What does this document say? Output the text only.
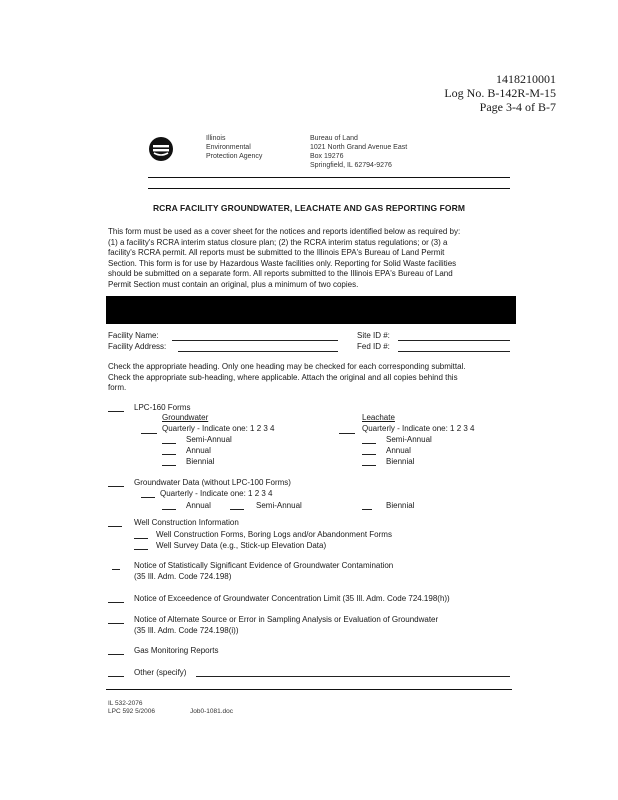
1418210001
Log No. B-142R-M-15
Page 3-4 of B-7
Illinois
Environmental
Protection Agency
Bureau of Land
1021 North Grand Avenue East
Box 19276
Springfield, IL 62794-9276
RCRA FACILITY GROUNDWATER, LEACHATE AND GAS REPORTING FORM
This form must be used as a cover sheet for the notices and reports identified below as required by:
(1) a facility's RCRA interim status closure plan; (2) the RCRA interim status regulations; or (3) a
facility's RCRA permit. All reports must be submitted to the Illinois EPA's Bureau of Land Permit
Section. This form is for use by Hazardous Waste facilities only. Reporting for Solid Waste facilities
should be submitted on a separate form. All reports submitted to the Illinois EPA's Bureau of Land
Permit Section must contain an original, plus a minimum of two copies.
Facility Name:
Facility Address:
Site ID #:
Fed ID #:
Check the appropriate heading. Only one heading may be checked for each corresponding submittal.
Check the appropriate sub-heading, where applicable. Attach the original and all copies behind this
form.
LPC-160 Forms
Groundwater
Quarterly - Indicate one: 1 2 3 4
Semi-Annual
Annual
Biennial
Leachate
Quarterly - Indicate one: 1 2 3 4
Semi-Annual
Annual
Biennial
Groundwater Data (without LPC-100 Forms)
Quarterly - Indicate one: 1 2 3 4
Annual	Semi-Annual	Biennial
Well Construction Information
Well Construction Forms, Boring Logs and/or Abandonment Forms
Well Survey Data (e.g., Stick-up Elevation Data)
Notice of Statistically Significant Evidence of Groundwater Contamination
(35 Ill. Adm. Code 724.198)
Notice of Exceedence of Groundwater Concentration Limit (35 Ill. Adm. Code 724.198(h))
Notice of Alternate Source or Error in Sampling Analysis or Evaluation of Groundwater
(35 Ill. Adm. Code 724.198(i))
Gas Monitoring Reports
Other (specify)
IL 532-2076
LPC 592 5/2006	Job0-1081.doc
